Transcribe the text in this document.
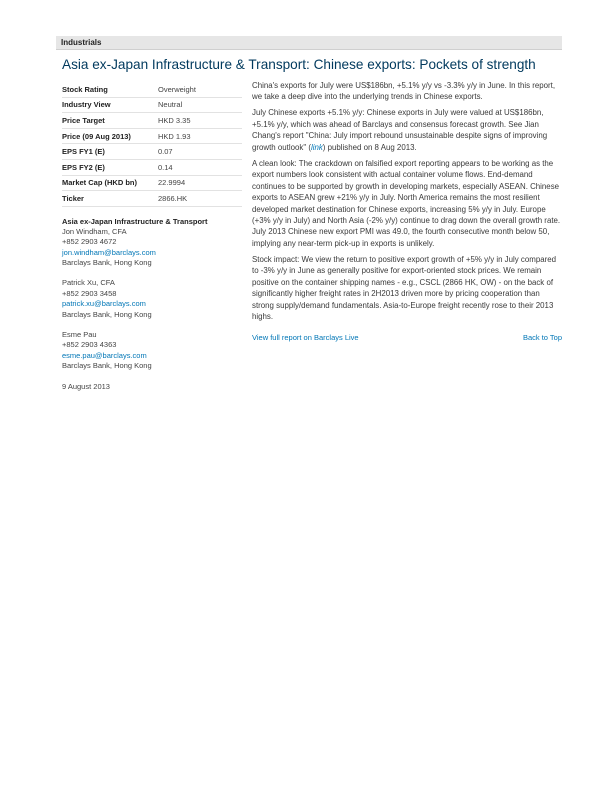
Industrials
Asia ex-Japan Infrastructure & Transport: Chinese exports: Pockets of strength
Stock Rating	Overweight
Industry View	Neutral
Price Target	HKD 3.35
Price (09 Aug 2013)	HKD 1.93
EPS FY1 (E)	0.07
EPS FY2 (E)	0.14
Market Cap (HKD bn)	22.9994
Ticker	2866.HK
Asia ex-Japan Infrastructure & Transport
Jon Windham, CFA
+852 2903 4672
jon.windham@barclays.com
Barclays Bank, Hong Kong
Patrick Xu, CFA
+852 2903 3458
patrick.xu@barclays.com
Barclays Bank, Hong Kong
Esme Pau
+852 2903 4363
esme.pau@barclays.com
Barclays Bank, Hong Kong
9 August 2013

China's exports for July were US$186bn, +5.1% y/y vs -3.3% y/y in June. In this report, we take a deep dive into the underlying trends in Chinese exports.

July Chinese exports +5.1% y/y: Chinese exports in July were valued at US$186bn, +5.1% y/y, which was ahead of Barclays and consensus forecast growth. See Jian Chang's report "China: July import rebound unsustainable despite signs of improving growth outlook" (link) published on 8 Aug 2013.

A clean look: The crackdown on falsified export reporting appears to be working as the export numbers look consistent with actual container volume flows. End-demand continues to be supported by growth in developing markets, especially ASEAN. Chinese exports to ASEAN grew +21% y/y in July. North America remains the most resilient developed market destination for Chinese exports, increasing 5% y/y in July. Europe (+3% y/y in July) and North Asia (-2% y/y) continue to drag down the overall growth rate. July 2013 Chinese new export PMI was 49.0, the fourth consecutive month below 50, implying any near-term pick-up in exports is unlikely.

Stock impact: We view the return to positive export growth of +5% y/y in July compared to -3% y/y in June as generally positive for export-oriented stock prices. We remain positive on the container shipping names - e.g., CSCL (2866 HK, OW) - on the back of significantly higher freight rates in 2H2013 driven more by pricing cooperation than strong supply/demand fundamentals. Asia-to-Europe freight recently rose to their 2013 highs.

View full report on Barclays Live	Back to Top
